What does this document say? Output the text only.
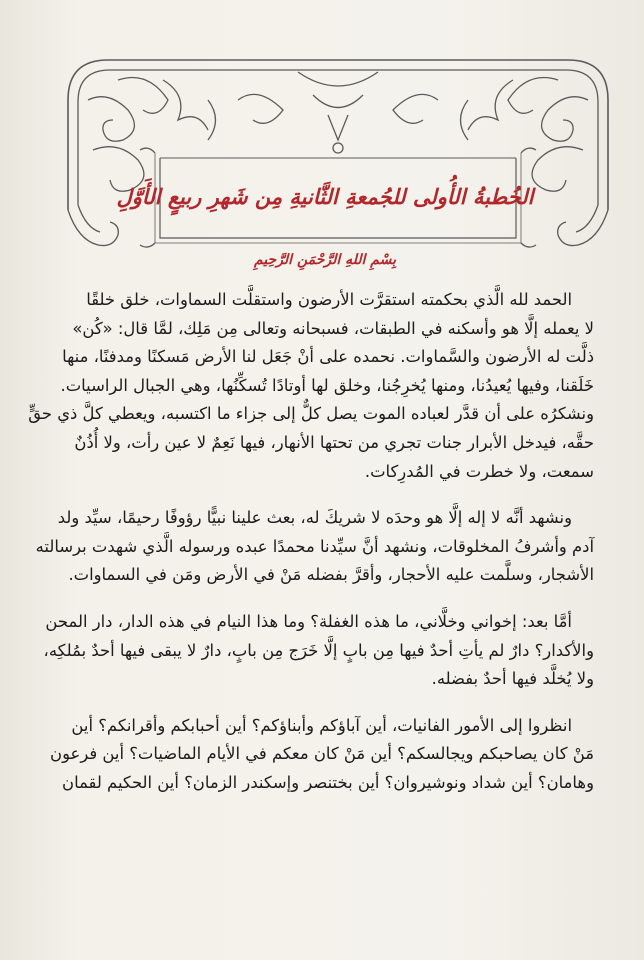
الخُطبةُ الأُولى للجُمعةِ الثَّانيةِ مِن شَهرِ ربيعٍ الأَوَّلِ
بِسْمِ اللهِ الرَّحْمَنِ الرَّحِيمِ
الحمد لله الَّذي بحكمته استقرَّت الأرضون واستقلَّت السماوات، خلق خلقًا
لا يعمله إلَّا هو وأسكنه في الطبقات، فسبحانه وتعالى مِن مَلِك، لمَّا قال: «كُن»
ذلَّت له الأرضون والسَّماوات. نحمده على أنْ جَعَل لنا الأرض مَسكنًا ومدفنًا، منها
خَلَقنا، وفيها يُعيدُنا، ومنها يُخرِجُنا، وخلق لها أوتادًا تُسكِّنُها، وهي الجبال الراسيات.
ونشكرُه على أن قدَّر لعباده الموت يصل كلٌّ إلى جزاء ما اكتسبه، ويعطي كلَّ ذي حقٍّ
حقَّه، فيدخل الأبرار جنات تجري من تحتها الأنهار، فيها نَعِمٌ لا عين رأت، ولا أُذُنٌ
سمعت، ولا خطرت في المُدرِكات.
ونشهد أنَّه لا إله إلَّا هو وحدَه لا شريكَ له، بعث علينا نبيًّا رؤوفًا رحيمًا، سيِّد ولد
آدم وأشرفُ المخلوقات، ونشهد أنَّ سيِّدنا محمدًا عبده ورسوله الَّذي شهدت برسالته
الأشجار، وسلَّمت عليه الأحجار، وأقرَّ بفضله مَنْ في الأرض ومَن في السماوات.
أمَّا بعد: إخواني وخلَّاني، ما هذه الغفلة؟ وما هذا النيام في هذه الدار، دار المحن
والأكدار؟ دارٌ لم يأتِ أحدٌ فيها مِن بابٍ إلَّا خَرَج مِن بابٍ، دارٌ لا يبقى فيها أحدٌ بمُلكِه،
ولا يُخلَّد فيها أحدٌ بفضله.
انظروا إلى الأمور الفانيات، أين آباؤكم وأبناؤكم؟ أين أحبابكم وأقرانكم؟ أين
مَنْ كان يصاحبكم ويجالسكم؟ أين مَنْ كان معكم في الأيام الماضيات؟ أين فرعون
وهامان؟ أين شداد ونوشيروان؟ أين بختنصر وإسكندر الزمان؟ أين الحكيم لقمان
